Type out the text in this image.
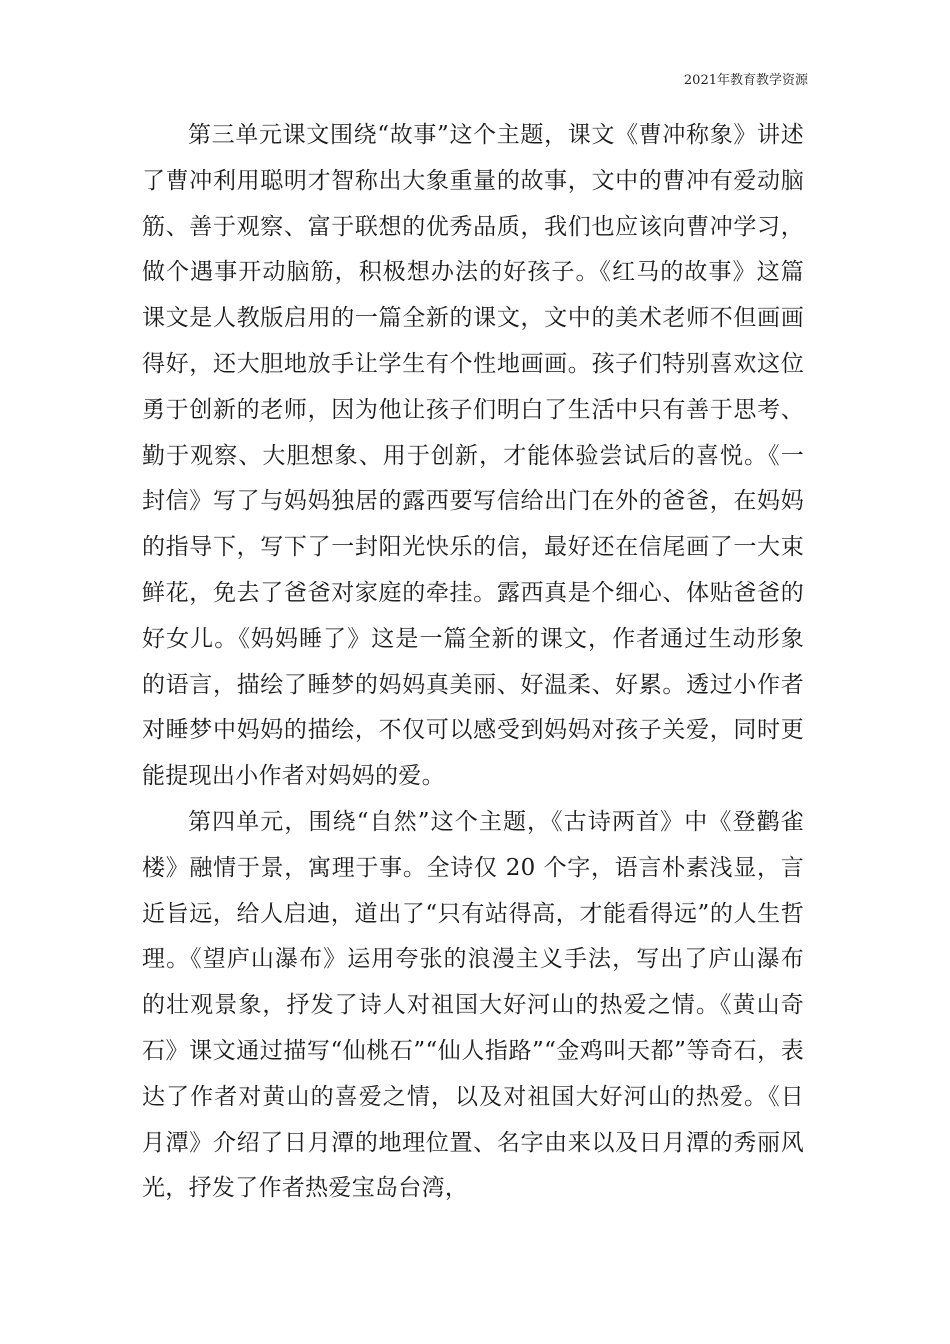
2021年教育教学资源

第三单元课文围绕“故事”这个主题，课文《曹冲称象》讲述了曹冲利用聪明才智称出大象重量的故事，文中的曹冲有爱动脑筋、善于观察、富于联想的优秀品质，我们也应该向曹冲学习，做个遇事开动脑筋，积极想办法的好孩子。《红马的故事》这篇课文是人教版启用的一篇全新的课文，文中的美术老师不但画画得好，还大胆地放手让学生有个性地画画。孩子们特别喜欢这位勇于创新的老师，因为他让孩子们明白了生活中只有善于思考、勤于观察、大胆想象、用于创新，才能体验尝试后的喜悦。《一封信》写了与妈妈独居的露西要写信给出门在外的爸爸，在妈妈的指导下，写下了一封阳光快乐的信，最好还在信尾画了一大束鲜花，免去了爸爸对家庭的牵挂。露西真是个细心、体贴爸爸的好女儿。《妈妈睡了》这是一篇全新的课文，作者通过生动形象的语言，描绘了睡梦的妈妈真美丽、好温柔、好累。透过小作者对睡梦中妈妈的描绘，不仅可以感受到妈妈对孩子关爱，同时更能提现出小作者对妈妈的爱。

第四单元，围绕“自然”这个主题，《古诗两首》中《登鹳雀楼》融情于景，寓理于事。全诗仅 20 个字，语言朴素浅显，言近旨远，给人启迪，道出了“只有站得高，才能看得远”的人生哲理。《望庐山瀑布》运用夸张的浪漫主义手法，写出了庐山瀑布的壮观景象，抒发了诗人对祖国大好河山的热爱之情。《黄山奇石》课文通过描写“仙桃石”“仙人指路”“金鸡叫天都”等奇石，表达了作者对黄山的喜爱之情，以及对祖国大好河山的热爱。《日月潭》介绍了日月潭的地理位置、名字由来以及日月潭的秀丽风光，抒发了作者热爱宝岛台湾，
